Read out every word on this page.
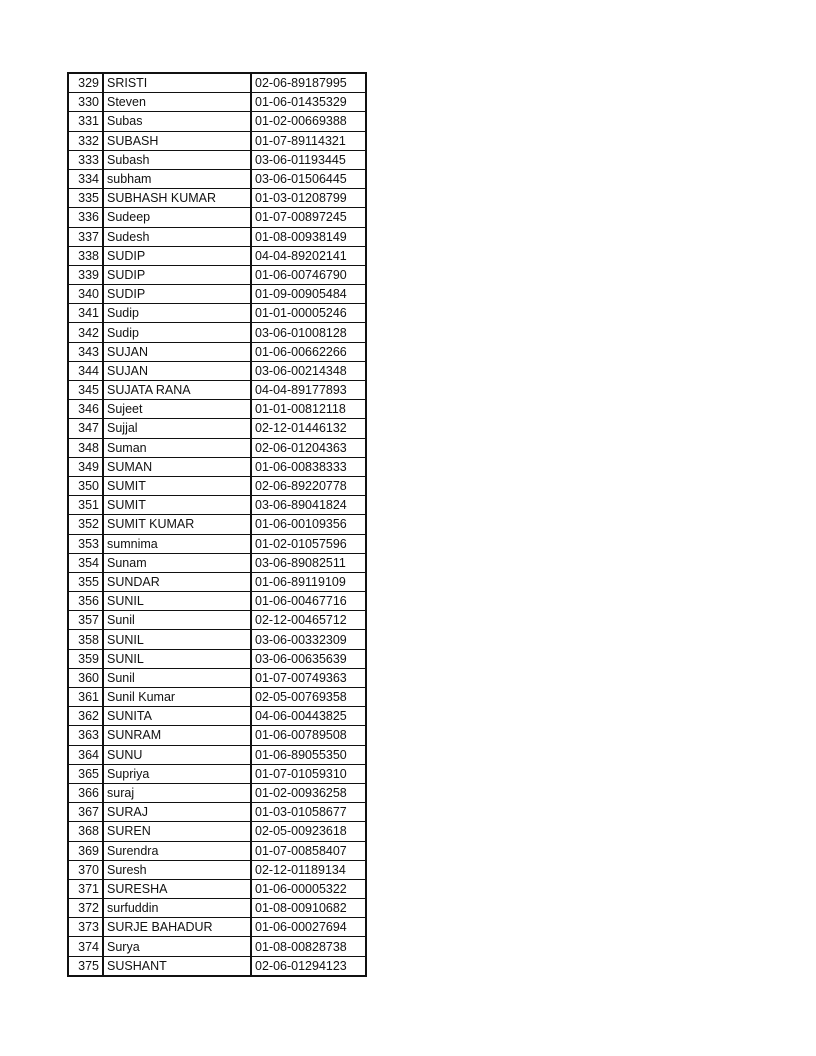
329	SRISTI	02-06-89187995
330	Steven	01-06-01435329
331	Subas	01-02-00669388
332	SUBASH	01-07-89114321
333	Subash	03-06-01193445
334	subham	03-06-01506445
335	SUBHASH KUMAR	01-03-01208799
336	Sudeep	01-07-00897245
337	Sudesh	01-08-00938149
338	SUDIP	04-04-89202141
339	SUDIP	01-06-00746790
340	SUDIP	01-09-00905484
341	Sudip	01-01-00005246
342	Sudip	03-06-01008128
343	SUJAN	01-06-00662266
344	SUJAN	03-06-00214348
345	SUJATA RANA	04-04-89177893
346	Sujeet	01-01-00812118
347	Sujjal	02-12-01446132
348	Suman	02-06-01204363
349	SUMAN	01-06-00838333
350	SUMIT	02-06-89220778
351	SUMIT	03-06-89041824
352	SUMIT KUMAR	01-06-00109356
353	sumnima	01-02-01057596
354	Sunam	03-06-89082511
355	SUNDAR	01-06-89119109
356	SUNIL	01-06-00467716
357	Sunil	02-12-00465712
358	SUNIL	03-06-00332309
359	SUNIL	03-06-00635639
360	Sunil	01-07-00749363
361	Sunil Kumar	02-05-00769358
362	SUNITA	04-06-00443825
363	SUNRAM	01-06-00789508
364	SUNU	01-06-89055350
365	Supriya	01-07-01059310
366	suraj	01-02-00936258
367	SURAJ	01-03-01058677
368	SUREN	02-05-00923618
369	Surendra	01-07-00858407
370	Suresh	02-12-01189134
371	SURESHA	01-06-00005322
372	surfuddin	01-08-00910682
373	SURJE BAHADUR	01-06-00027694
374	Surya	01-08-00828738
375	SUSHANT	02-06-01294123
